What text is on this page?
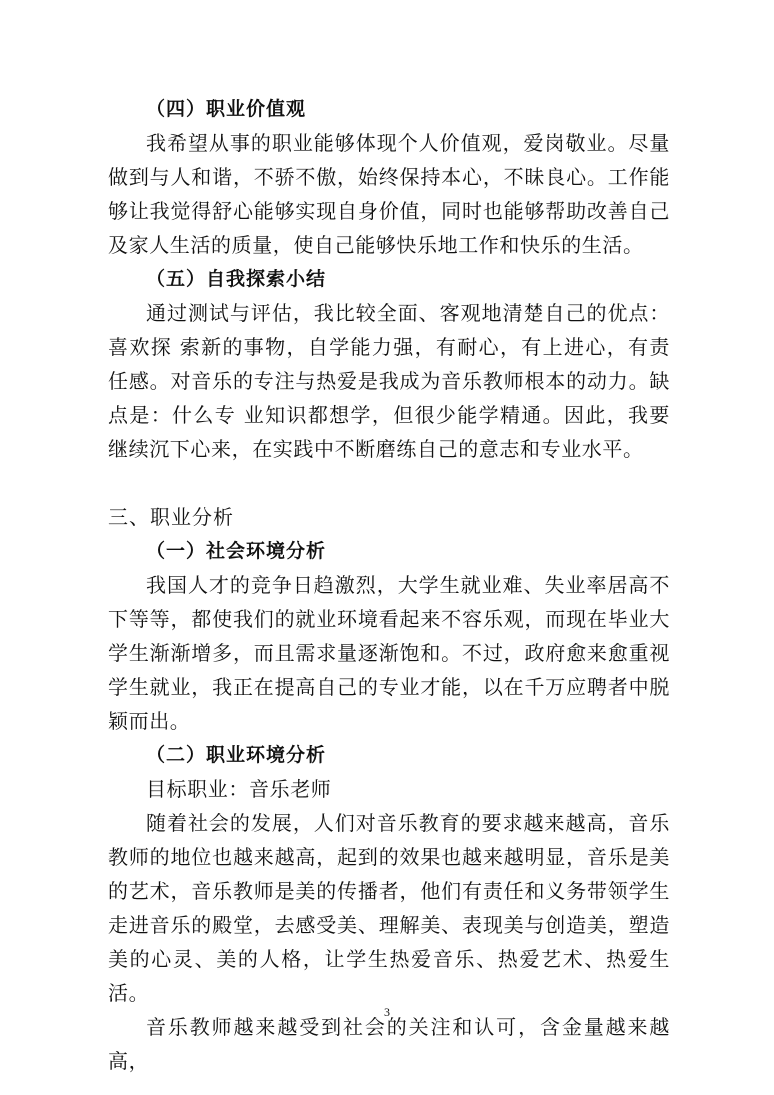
（四）职业价值观

我希望从事的职业能够体现个人价值观，爱岗敬业。尽量做到与人和谐，不骄不傲，始终保持本心，不昧良心。工作能够让我觉得舒心能够实现自身价值，同时也能够帮助改善自己及家人生活的质量，使自己能够快乐地工作和快乐的生活。

（五）自我探索小结

通过测试与评估，我比较全面、客观地清楚自己的优点：喜欢探 索新的事物，自学能力强，有耐心，有上进心，有责任感。对音乐的专注与热爱是我成为音乐教师根本的动力。缺点是：什么专 业知识都想学，但很少能学精通。因此，我要继续沉下心来，在实践中不断磨练自己的意志和专业水平。

三、职业分析
（一）社会环境分析

我国人才的竞争日趋激烈，大学生就业难、失业率居高不下等等，都使我们的就业环境看起来不容乐观，而现在毕业大学生渐渐增多，而且需求量逐渐饱和。不过，政府愈来愈重视学生就业，我正在提高自己的专业才能，以在千万应聘者中脱颖而出。

（二）职业环境分析

目标职业：音乐老师

随着社会的发展，人们对音乐教育的要求越来越高，音乐教师的地位也越来越高，起到的效果也越来越明显，音乐是美的艺术，音乐教师是美的传播者，他们有责任和义务带领学生走进音乐的殿堂，去感受美、理解美、表现美与创造美，塑造美的心灵、美的人格，让学生热爱音乐、热爱艺术、热爱生活。

音乐教师越来越受到社会的关注和认可，含金量越来越高，

3
